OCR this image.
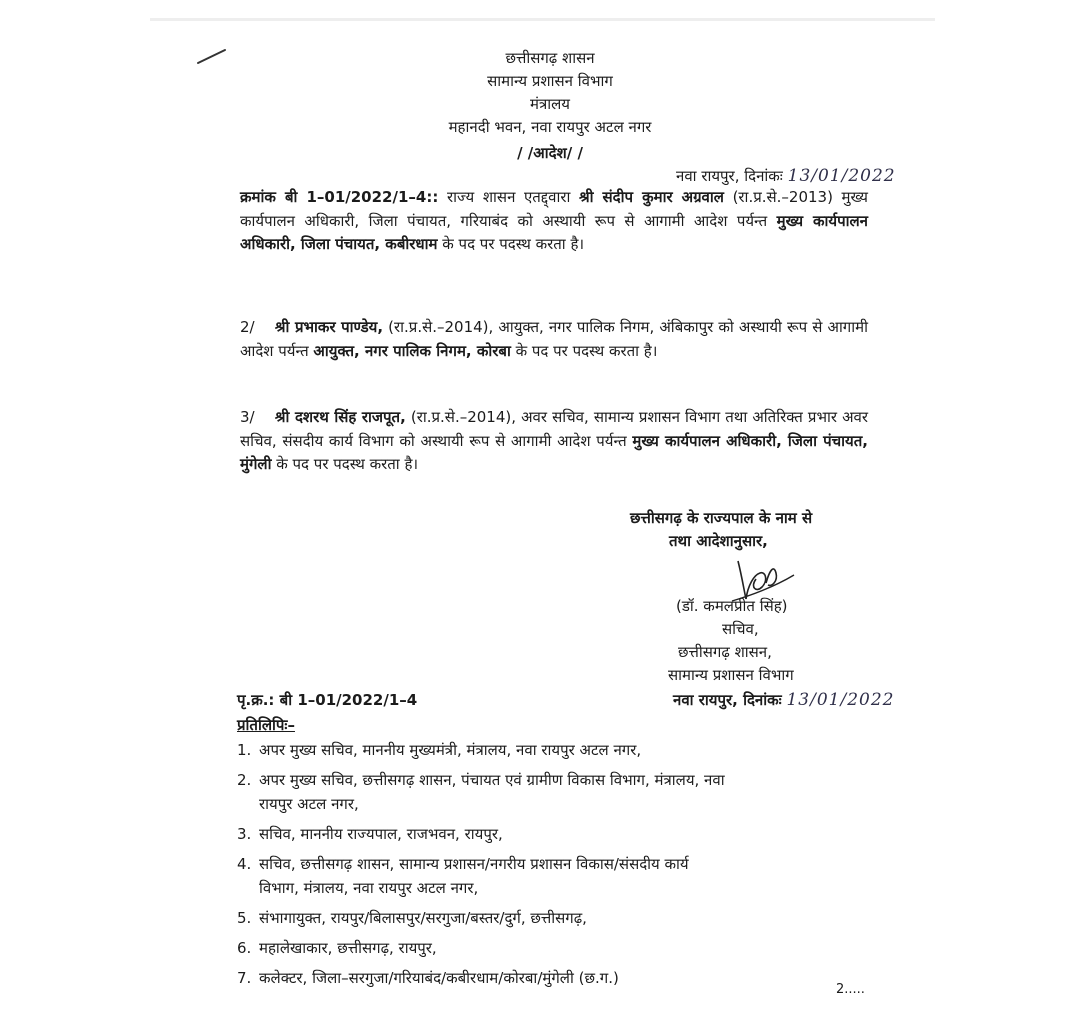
छत्तीसगढ़ शासन
सामान्य प्रशासन विभाग
मंत्रालय
महानदी भवन, नवा रायपुर अटल नगर
/ /आदेश/ /
नवा रायपुर, दिनांकः 13/01/2022
क्रमांक बी 1–01/2022/1–4:: राज्य शासन एतद्द्वारा श्री संदीप कुमार अग्रवाल (रा.प्र.से.–2013) मुख्य कार्यपालन अधिकारी, जिला पंचायत, गरियाबंद को अस्थायी रूप से आगामी आदेश पर्यन्त मुख्य कार्यपालन अधिकारी, जिला पंचायत, कबीरधाम के पद पर पदस्थ करता है।
2/ श्री प्रभाकर पाण्डेय, (रा.प्र.से.–2014), आयुक्त, नगर पालिक निगम, अंबिकापुर को अस्थायी रूप से आगामी आदेश पर्यन्त आयुक्त, नगर पालिक निगम, कोरबा के पद पर पदस्थ करता है।
3/ श्री दशरथ सिंह राजपूत, (रा.प्र.से.–2014), अवर सचिव, सामान्य प्रशासन विभाग तथा अतिरिक्त प्रभार अवर सचिव, संसदीय कार्य विभाग को अस्थायी रूप से आगामी आदेश पर्यन्त मुख्य कार्यपालन अधिकारी, जिला पंचायत, मुंगेली के पद पर पदस्थ करता है।
छत्तीसगढ़ के राज्यपाल के नाम से
तथा आदेशानुसार,
(डॉ. कमलप्रीत सिंह)
सचिव,
छत्तीसगढ़ शासन,
सामान्य प्रशासन विभाग
पृ.क्र.: बी 1–01/2022/1–4	नवा रायपुर, दिनांकः 13/01/2022
प्रतिलिपिः–
1. अपर मुख्य सचिव, माननीय मुख्यमंत्री, मंत्रालय, नवा रायपुर अटल नगर,
2. अपर मुख्य सचिव, छत्तीसगढ़ शासन, पंचायत एवं ग्रामीण विकास विभाग, मंत्रालय, नवा
रायपुर अटल नगर,
3. सचिव, माननीय राज्यपाल, राजभवन, रायपुर,
4. सचिव, छत्तीसगढ़ शासन, सामान्य प्रशासन/नगरीय प्रशासन विकास/संसदीय कार्य
विभाग, मंत्रालय, नवा रायपुर अटल नगर,
5. संभागायुक्त, रायपुर/बिलासपुर/सरगुजा/बस्तर/दुर्ग, छत्तीसगढ़,
6. महालेखाकार, छत्तीसगढ़, रायपुर,
7. कलेक्टर, जिला–सरगुजा/गरियाबंद/कबीरधाम/कोरबा/मुंगेली (छ.ग.)
2.....
